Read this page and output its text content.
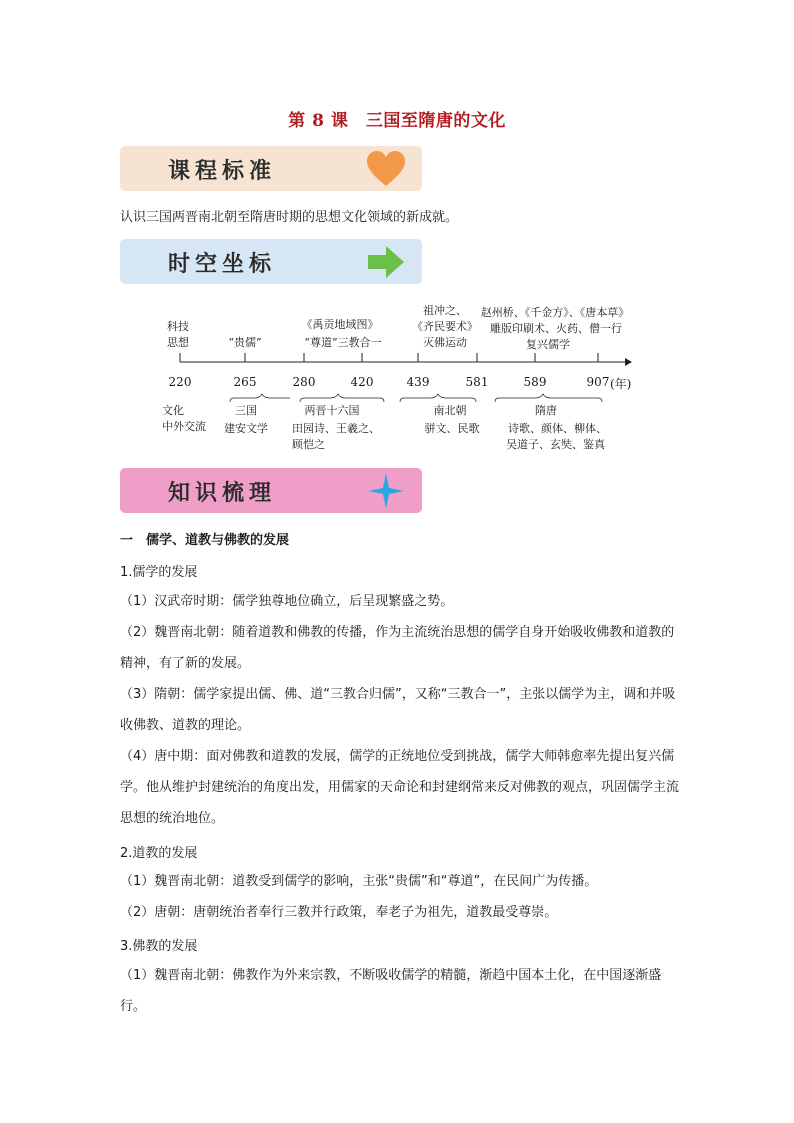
第 8 课　三国至隋唐的文化
课程标准
认识三国两晋南北朝至隋唐时期的思想文化领域的新成就。
时空坐标
科技
思想	“贵儒”
《禹贡地域图》
“尊道”三教合一
祖冲之、
《齐民要术》
灭佛运动
赵州桥、《千金方》、《唐本草》
雕版印刷术、火药、僧一行
复兴儒学
220	265	280	420	439	581	589	907 (年)
文化
中外交流
三国	两晋十六国	南北朝	隋唐
建安文学 田园诗、王羲之、
顾恺之
骈文、民歌	诗歌、颜体、柳体、
吴道子、玄奘、鉴真
知识梳理
一　儒学、道教与佛教的发展
1.儒学的发展
（1）汉武帝时期：儒学独尊地位确立，后呈现繁盛之势。
（2）魏晋南北朝：随着道教和佛教的传播，作为主流统治思想的儒学自身开始吸收佛教和道教的精神，有了新的发展。
（3）隋朝：儒学家提出儒、佛、道“三教合归儒”，又称“三教合一”，主张以儒学为主，调和并吸收佛教、道教的理论。
（4）唐中期：面对佛教和道教的发展，儒学的正统地位受到挑战，儒学大师韩愈率先提出复兴儒学。他从维护封建统治的角度出发，用儒家的天命论和封建纲常来反对佛教的观点，巩固儒学主流思想的统治地位。
2.道教的发展
（1）魏晋南北朝：道教受到儒学的影响，主张“贵儒”和“尊道”，在民间广为传播。
（2）唐朝：唐朝统治者奉行三教并行政策，奉老子为祖先，道教最受尊崇。
3.佛教的发展
（1）魏晋南北朝：佛教作为外来宗教，不断吸收儒学的精髓，渐趋中国本土化，在中国逐渐盛行。
